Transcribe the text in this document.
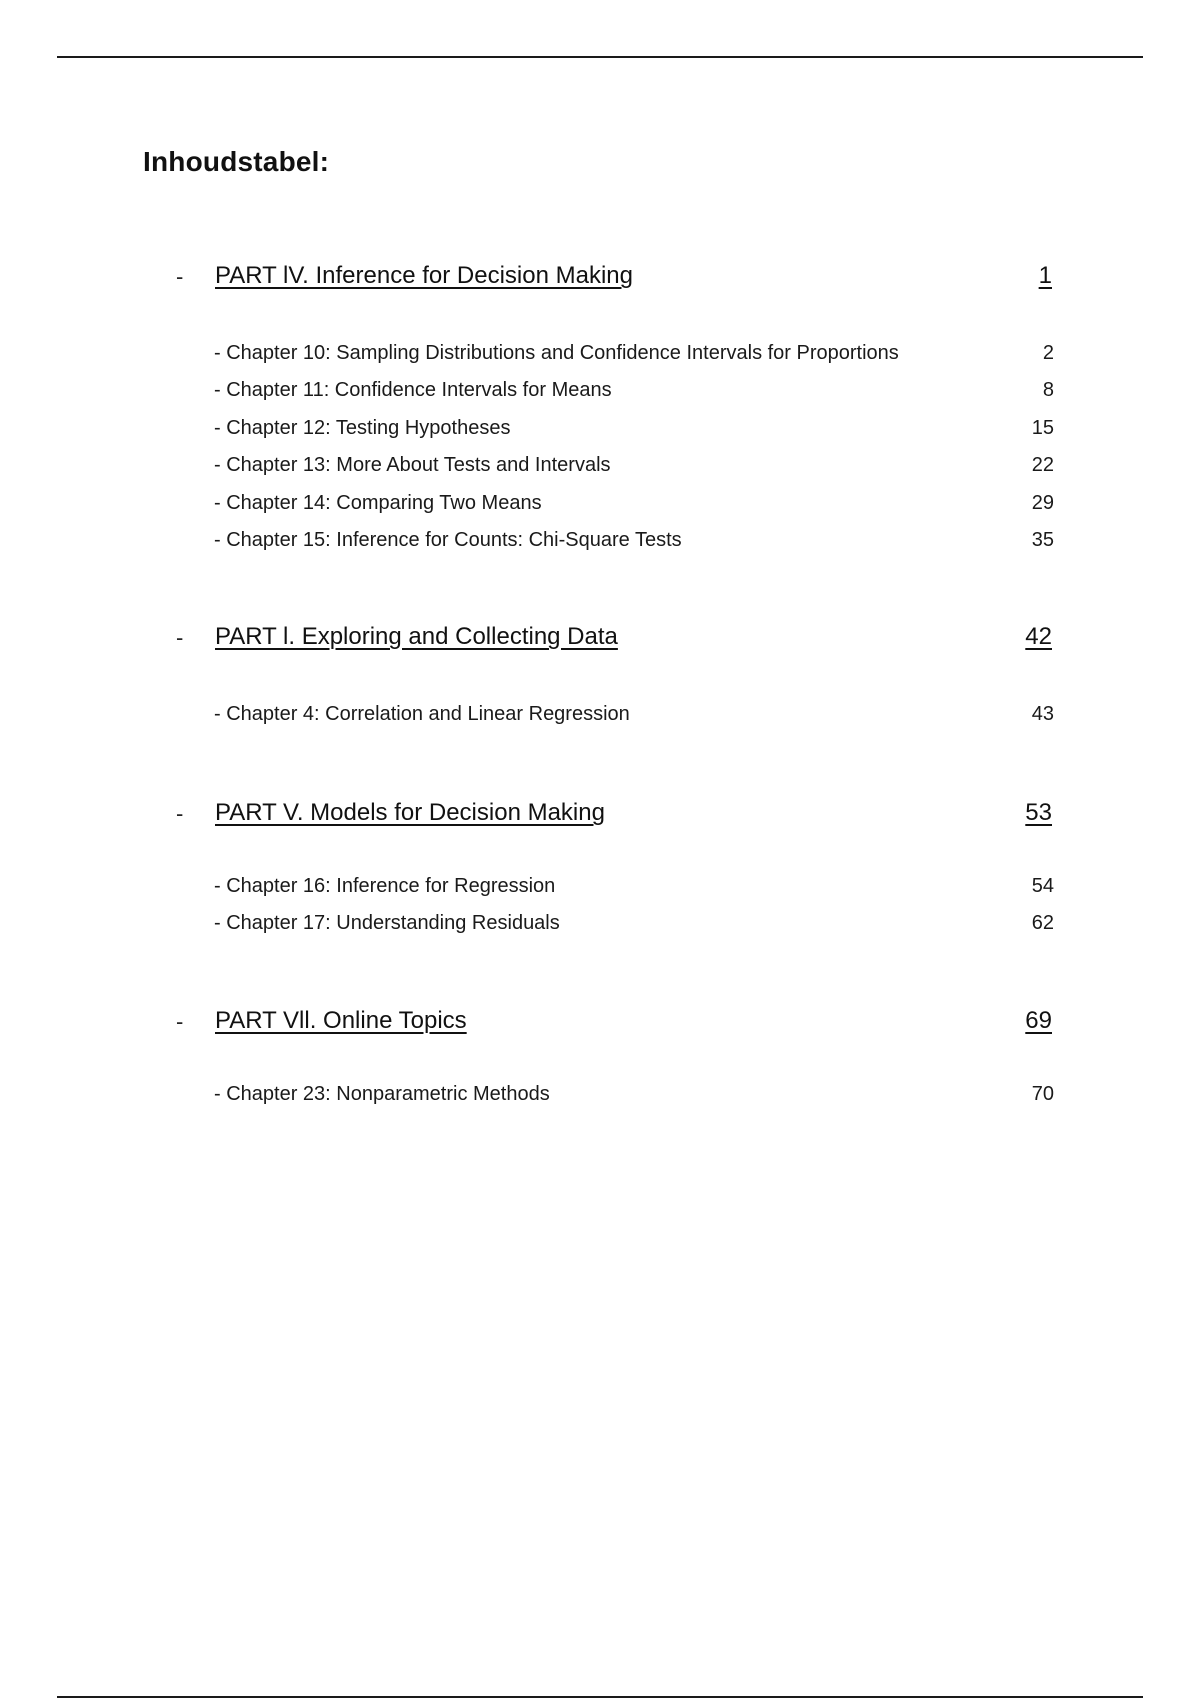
Inhoudstabel:
- PART lV. Inference for Decision Making	1
- Chapter 10: Sampling Distributions and Confidence Intervals for Proportions	2
- Chapter 11: Confidence Intervals for Means	8
- Chapter 12: Testing Hypotheses	15
- Chapter 13: More About Tests and Intervals	22
- Chapter 14: Comparing Two Means	29
- Chapter 15: Inference for Counts: Chi-Square Tests	35
- PART l. Exploring and Collecting Data	42
- Chapter 4: Correlation and Linear Regression	43
- PART V. Models for Decision Making	53
- Chapter 16: Inference for Regression	54
- Chapter 17: Understanding Residuals	62
- PART Vll. Online Topics	69
- Chapter 23: Nonparametric Methods	70
